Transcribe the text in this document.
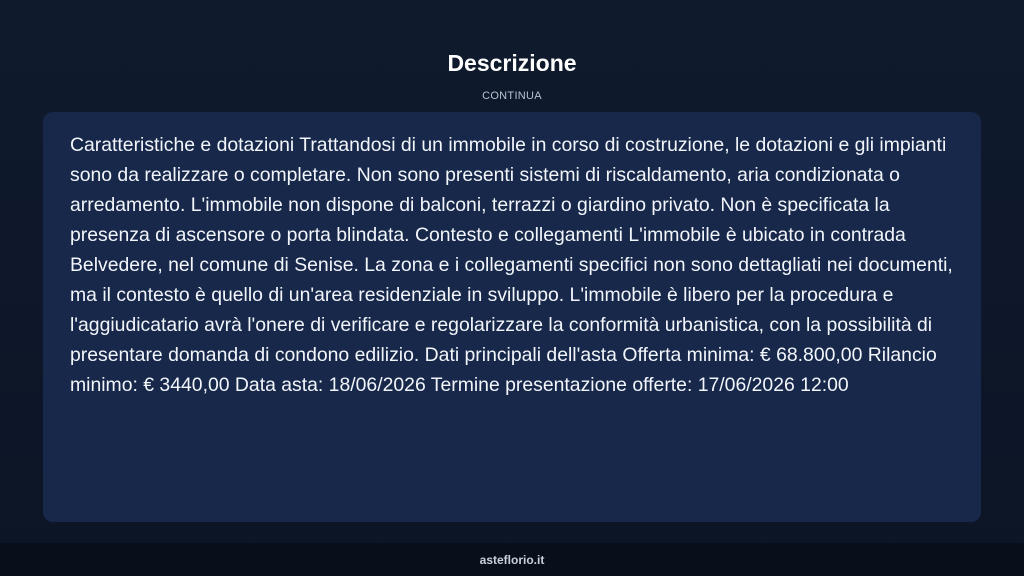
Descrizione
CONTINUA

Caratteristiche e dotazioni Trattandosi di un immobile in corso di costruzione, le dotazioni e gli impianti sono da realizzare o completare. Non sono presenti sistemi di riscaldamento, aria condizionata o arredamento. L'immobile non dispone di balconi, terrazzi o giardino privato. Non è specificata la presenza di ascensore o porta blindata. Contesto e collegamenti L'immobile è ubicato in contrada Belvedere, nel comune di Senise. La zona e i collegamenti specifici non sono dettagliati nei documenti, ma il contesto è quello di un'area residenziale in sviluppo. L'immobile è libero per la procedura e l'aggiudicatario avrà l'onere di verificare e regolarizzare la conformità urbanistica, con la possibilità di presentare domanda di condono edilizio. Dati principali dell'asta Offerta minima: € 68.800,00 Rilancio minimo: € 3440,00 Data asta: 18/06/2026 Termine presentazione offerte: 17/06/2026 12:00

asteflorio.it
